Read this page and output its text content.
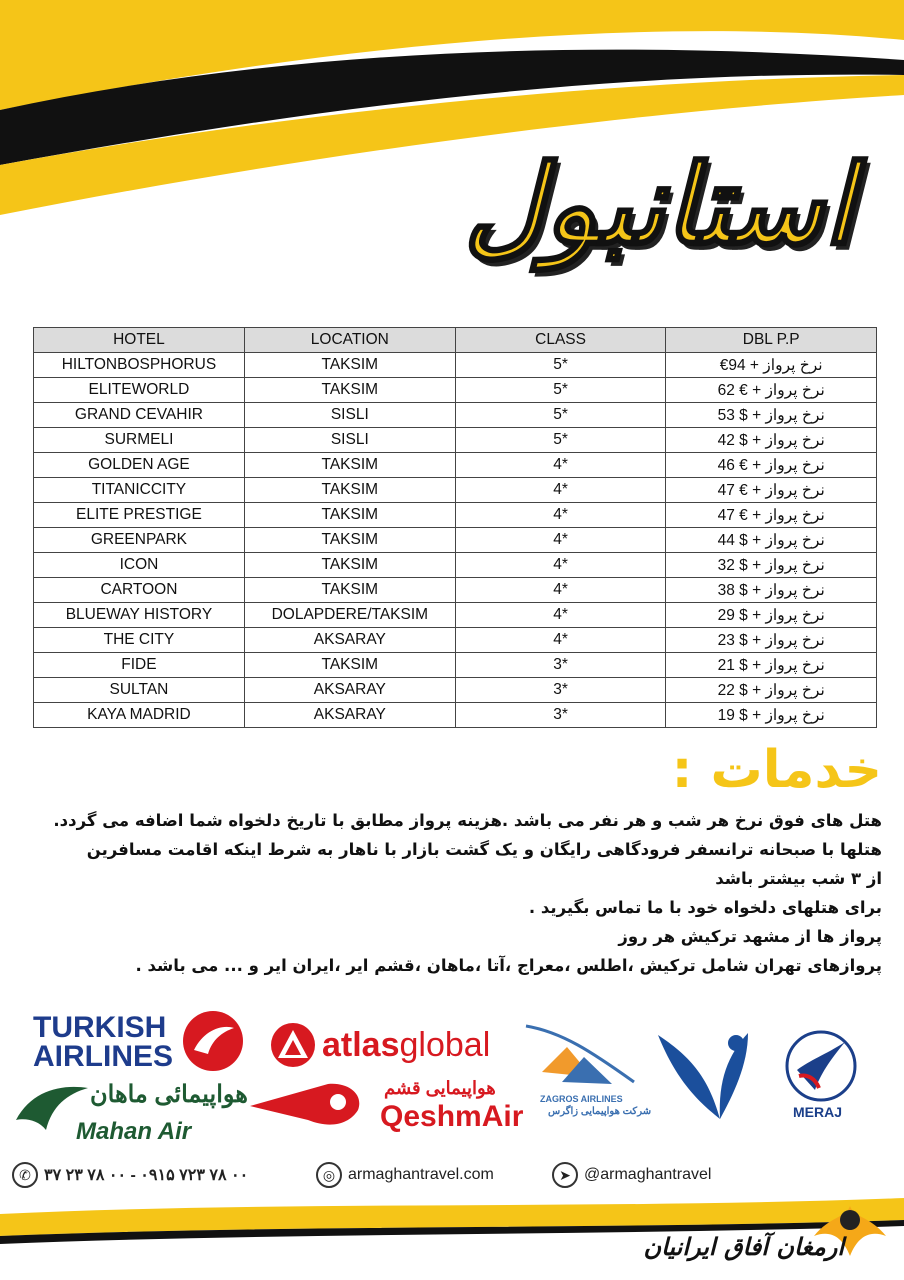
استانبول
HOTEL	LOCATION	CLASS	DBL P.P
HILTONBOSPHORUS	TAKSIM	5*	نرخ پرواز + 94€
ELITEWORLD	TAKSIM	5*	نرخ پرواز + € 62
GRAND CEVAHIR	SISLI	5*	نرخ پرواز + $ 53
SURMELI	SISLI	5*	نرخ پرواز + $ 42
GOLDEN AGE	TAKSIM	4*	نرخ پرواز + € 46
TITANICCITY	TAKSIM	4*	نرخ پرواز + € 47
ELITE PRESTIGE	TAKSIM	4*	نرخ پرواز + € 47
GREENPARK	TAKSIM	4*	نرخ پرواز + $ 44
ICON	TAKSIM	4*	نرخ پرواز + $ 32
CARTOON	TAKSIM	4*	نرخ پرواز + $ 38
BLUEWAY HISTORY	DOLAPDERE/TAKSIM	4*	نرخ پرواز + $ 29
THE CITY	AKSARAY	4*	نرخ پرواز + $ 23
FIDE	TAKSIM	3*	نرخ پرواز + $ 21
SULTAN	AKSARAY	3*	نرخ پرواز + $ 22
KAYA MADRID	AKSARAY	3*	نرخ پرواز + $ 19
خدمات :
هتل های فوق نرخ هر شب و هر نفر می باشد .هزینه پرواز مطابق با تاریخ دلخواه شما اضافه می گردد.
هتلها با صبحانه ترانسفر فرودگاهی رایگان و یک گشت بازار با ناهار به شرط اینکه اقامت مسافرین
از ۳ شب بیشتر باشد
برای هتلهای دلخواه خود با ما تماس بگیرید .
پرواز ها از مشهد ترکیش هر روز
پروازهای تهران شامل ترکیش ،اطلس ،معراج ،آتا ،ماهان ،قشم ایر ،ایران ایر و ... می باشد .
TURKISH
AIRLINES	atlasglobal
ZAGROS AIRLINES
شرکت هواپیمایی زاگرس	MERAJ
هواپیمائی ماهان
Mahan Air
هواپیمایی قشم
QeshmAir
✆ ۳۷ ۲۳ ۷۸ ۰۰ - ۰۹۱۵ ۷۲۳ ۷۸ ۰۰	◎ armaghantravel.com	➤ @armaghantravel
ارمغان آفاق ایرانیان
